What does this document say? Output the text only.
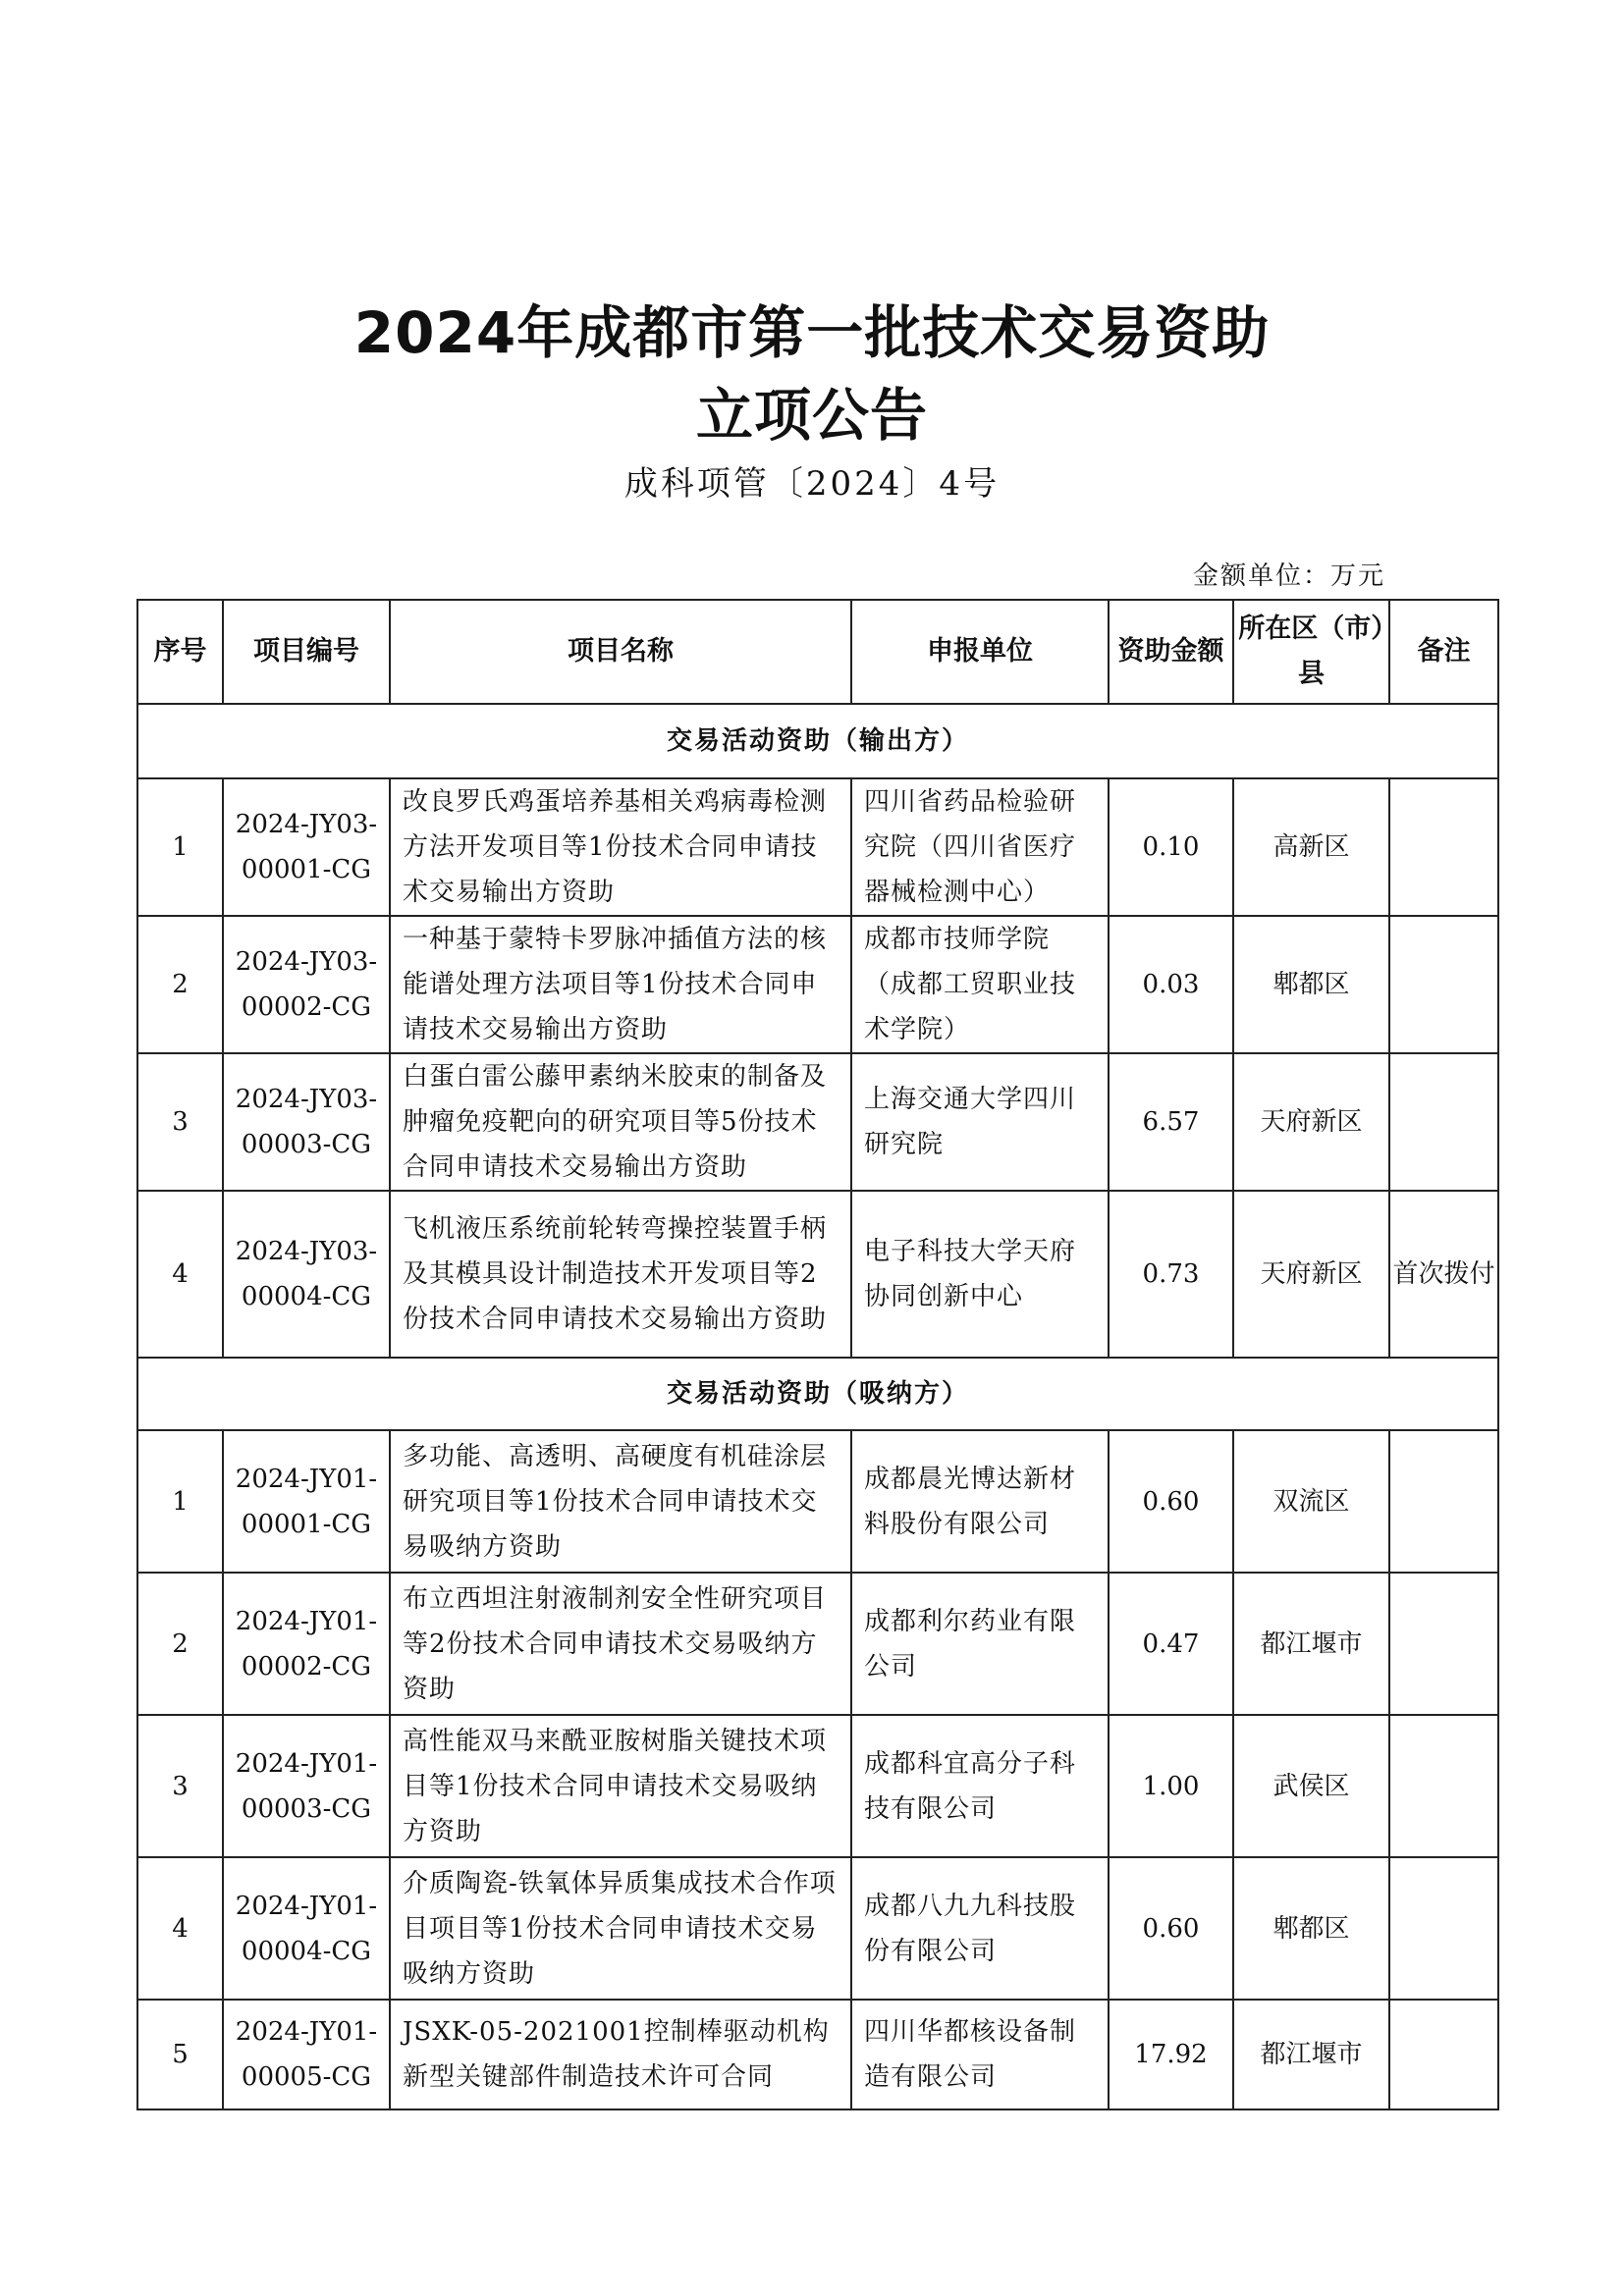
2024年成都市第一批技术交易资助
立项公告
成科项管〔2024〕4号
金额单位：万元
序号	项目编号	项目名称	申报单位	资助金额	所在区（市）县	备注
交易活动资助（输出方）						
1	2024-JY03-00001-CG	改良罗氏鸡蛋培养基相关鸡病毒检测方法开发项目等1份技术合同申请技术交易输出方资助	四川省药品检验研究院（四川省医疗器械检测中心）	0.10	高新区	
2	2024-JY03-00002-CG	一种基于蒙特卡罗脉冲插值方法的核能谱处理方法项目等1份技术合同申请技术交易输出方资助	成都市技师学院（成都工贸职业技术学院）	0.03	郫都区	
3	2024-JY03-00003-CG	白蛋白雷公藤甲素纳米胶束的制备及肿瘤免疫靶向的研究项目等5份技术合同申请技术交易输出方资助	上海交通大学四川研究院	6.57	天府新区	
4	2024-JY03-00004-CG	飞机液压系统前轮转弯操控装置手柄及其模具设计制造技术开发项目等2份技术合同申请技术交易输出方资助	电子科技大学天府协同创新中心	0.73	天府新区	首次拨付
交易活动资助（吸纳方）						
1	2024-JY01-00001-CG	多功能、高透明、高硬度有机硅涂层研究项目等1份技术合同申请技术交易吸纳方资助	成都晨光博达新材料股份有限公司	0.60	双流区	
2	2024-JY01-00002-CG	布立西坦注射液制剂安全性研究项目等2份技术合同申请技术交易吸纳方资助	成都利尔药业有限公司	0.47	都江堰市	
3	2024-JY01-00003-CG	高性能双马来酰亚胺树脂关键技术项目等1份技术合同申请技术交易吸纳方资助	成都科宜高分子科技有限公司	1.00	武侯区	
4	2024-JY01-00004-CG	介质陶瓷-铁氧体异质集成技术合作项目项目等1份技术合同申请技术交易吸纳方资助	成都八九九科技股份有限公司	0.60	郫都区	
5	2024-JY01-00005-CG	JSXK-05-2021001控制棒驱动机构新型关键部件制造技术许可合同	四川华都核设备制造有限公司	17.92	都江堰市	
